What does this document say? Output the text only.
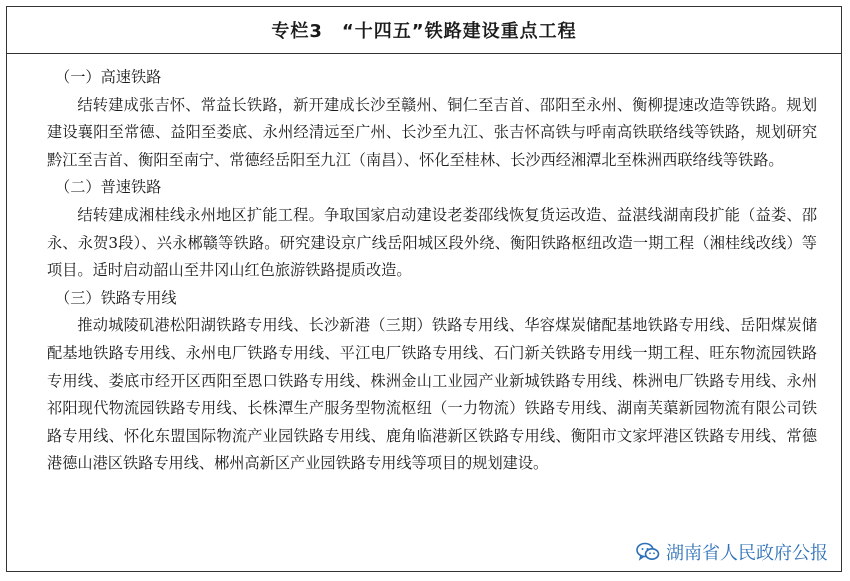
专栏3　“十四五”铁路建设重点工程
（一）高速铁路

结转建成张吉怀、常益长铁路，新开建成长沙至赣州、铜仁至吉首、邵阳至永州、衡柳提速改造等铁路。规划建设襄阳至常德、益阳至娄底、永州经清远至广州、长沙至九江、张吉怀高铁与呼南高铁联络线等铁路，规划研究黔江至吉首、衡阳至南宁、常德经岳阳至九江（南昌）、怀化至桂林、长沙西经湘潭北至株洲西联络线等铁路。

（二）普速铁路

结转建成湘桂线永州地区扩能工程。争取国家启动建设老娄邵线恢复货运改造、益湛线湖南段扩能（益娄、邵永、永贺3段）、兴永郴赣等铁路。研究建设京广线岳阳城区段外绕、衡阳铁路枢纽改造一期工程（湘桂线改线）等项目。适时启动韶山至井冈山红色旅游铁路提质改造。

（三）铁路专用线

推动城陵矶港松阳湖铁路专用线、长沙新港（三期）铁路专用线、华容煤炭储配基地铁路专用线、岳阳煤炭储配基地铁路专用线、永州电厂铁路专用线、平江电厂铁路专用线、石门新关铁路专用线一期工程、旺东物流园铁路专用线、娄底市经开区西阳至恩口铁路专用线、株洲金山工业园产业新城铁路专用线、株洲电厂铁路专用线、永州祁阳现代物流园铁路专用线、长株潭生产服务型物流枢纽（一力物流）铁路专用线、湖南芙蕖新园物流有限公司铁路专用线、怀化东盟国际物流产业园铁路专用线、鹿角临港新区铁路专用线、衡阳市文家坪港区铁路专用线、常德港德山港区铁路专用线、郴州高新区产业园铁路专用线等项目的规划建设。

湖南省人民政府公报
